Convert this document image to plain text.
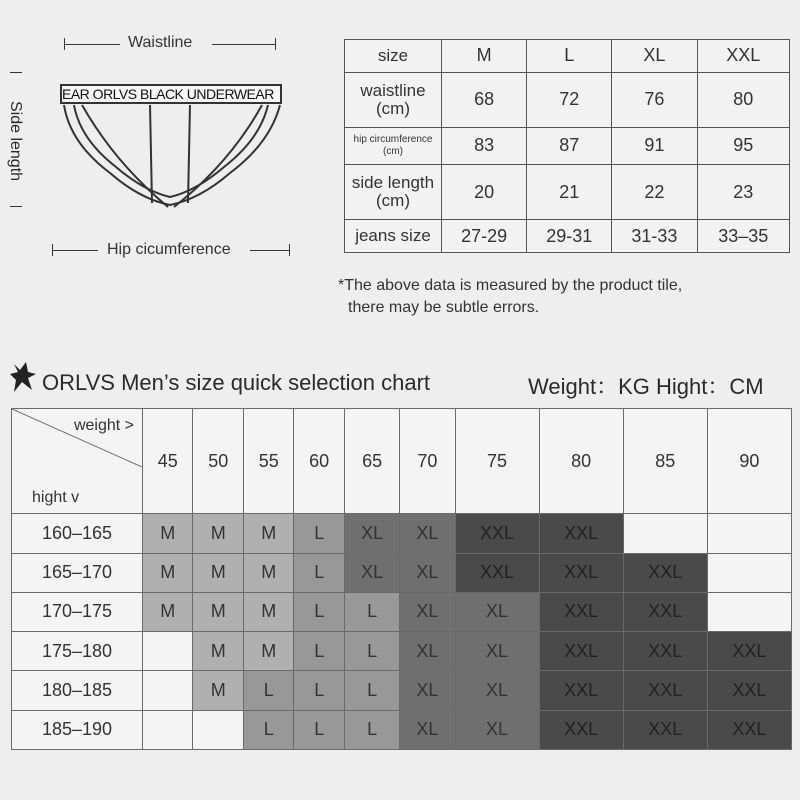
Waistline
Side length
EAR ORLVS BLACK UNDERWEAR
Hip cicumference
size	M	L	XL	XXL
waistline (cm)	68	72	76	80
hip circumference (cm)	83	87	91	95
side length (cm)	20	21	22	23
jeans size	27-29	29-31	31-33	33–35
*The above data is measured by the product tile,
there may be subtle errors.
ORLVS Men’s size quick selection chart	Weight：KG Hight：CM
weight >
hight v	45	50	55	60	65	70	75	80	85	90
160–165	M	M	M	L	XL	XL	XXL	XXL		
165–170	M	M	M	L	XL	XL	XXL	XXL	XXL	
170–175	M	M	M	L	L	XL	XL	XXL	XXL	
175–180		M	M	L	L	XL	XL	XXL	XXL	XXL
180–185		M	L	L	L	XL	XL	XXL	XXL	XXL
185–190			L	L	L	XL	XL	XXL	XXL	XXL
